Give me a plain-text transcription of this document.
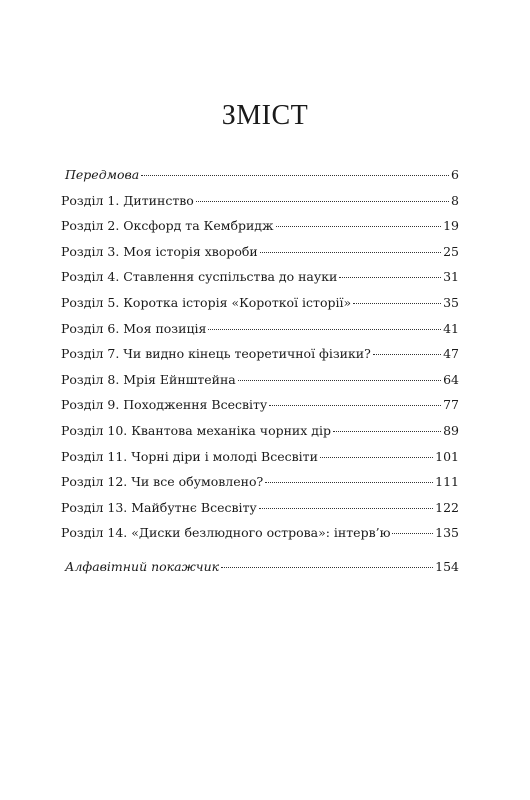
ЗМІСТ
Передмова	6
Розділ 1. Дитинство	8
Розділ 2. Оксфорд та Кембридж	19
Розділ 3. Моя історія хвороби	25
Розділ 4. Ставлення суспільства до науки	31
Розділ 5. Коротка історія «Короткої історії»	35
Розділ 6. Моя позиція	41
Розділ 7. Чи видно кінець теоретичної фізики?	47
Розділ 8. Мрія Ейнштейна	64
Розділ 9. Походження Всесвіту	77
Розділ 10. Квантова механіка чорних дір	89
Розділ 11. Чорні діри і молоді Всесвіти	101
Розділ 12. Чи все обумовлено?	111
Розділ 13. Майбутнє Всесвіту	122
Розділ 14. «Диски безлюдного острова»: інтерв’ю	135
Алфавітний покажчик	154
